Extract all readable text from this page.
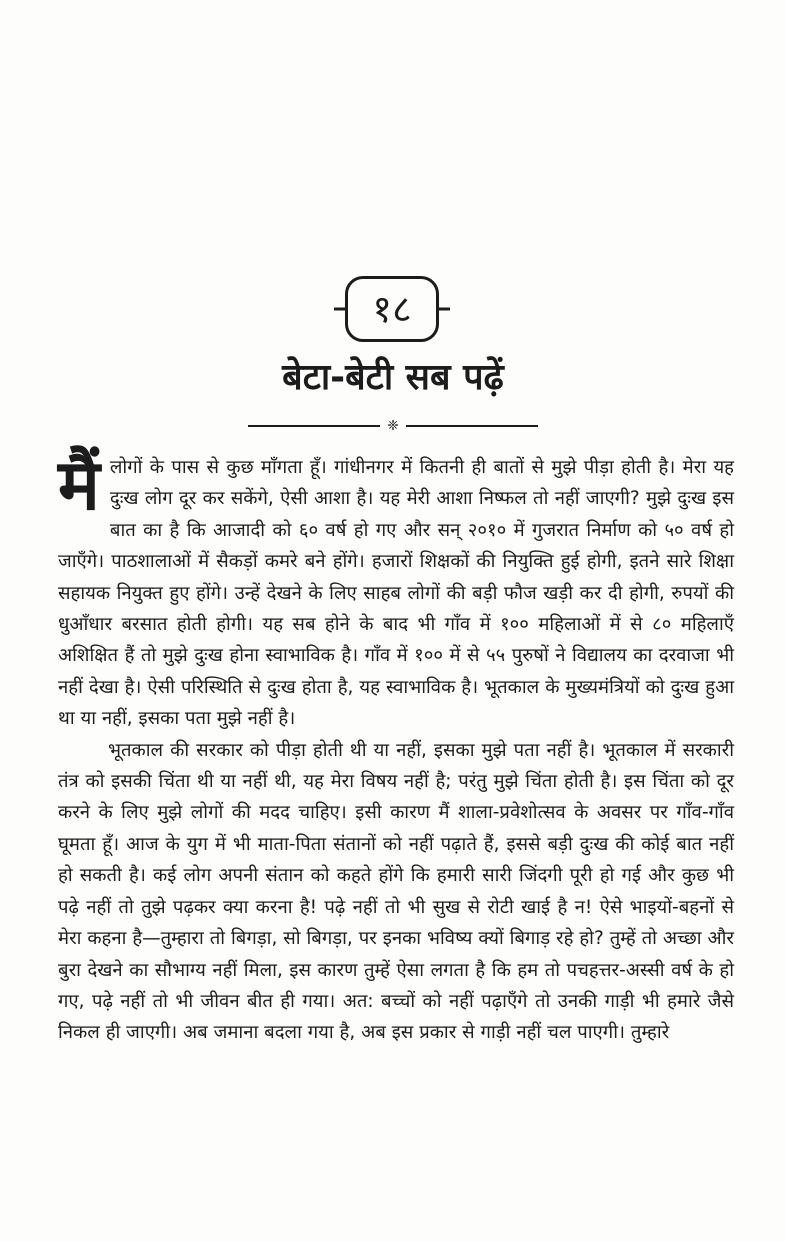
१८
बेटा-बेटी सब पढ़ें
❈

मैंलोगों के पास से कुछ माँगता हूँ। गांधीनगर में कितनी ही बातों से मुझे पीड़ा होती है। मेरा यह दुःख लोग दूर कर सकेंगे, ऐसी आशा है। यह मेरी आशा निष्फल तो नहीं जाएगी? मुझे दुःख इस बात का है कि आजादी को ६० वर्ष हो गए और सन् २०१० में गुजरात निर्माण को ५० वर्ष हो जाएँगे। पाठशालाओं में सैकड़ों कमरे बने होंगे। हजारों शिक्षकों की नियुक्ति हुई होगी, इतने सारे शिक्षा सहायक नियुक्त हुए होंगे। उन्हें देखने के लिए साहब लोगों की बड़ी फौज खड़ी कर दी होगी, रुपयों की धुआँधार बरसात होती होगी। यह सब होने के बाद भी गाँव में १०० महिलाओं में से ८० महिलाएँ अशिक्षित हैं तो मुझे दुःख होना स्वाभाविक है। गाँव में १०० में से ५५ पुरुषों ने विद्यालय का दरवाजा भी नहीं देखा है। ऐसी परिस्थिति से दुःख होता है, यह स्वाभाविक है। भूतकाल के मुख्यमंत्रियों को दुःख हुआ था या नहीं, इसका पता मुझे नहीं है।

भूतकाल की सरकार को पीड़ा होती थी या नहीं, इसका मुझे पता नहीं है। भूतकाल में सरकारी तंत्र को इसकी चिंता थी या नहीं थी, यह मेरा विषय नहीं है; परंतु मुझे चिंता होती है। इस चिंता को दूर करने के लिए मुझे लोगों की मदद चाहिए। इसी कारण मैं शाला-प्रवेशोत्सव के अवसर पर गाँव-गाँव घूमता हूँ। आज के युग में भी माता-पिता संतानों को नहीं पढ़ाते हैं, इससे बड़ी दुःख की कोई बात नहीं हो सकती है। कई लोग अपनी संतान को कहते होंगे कि हमारी सारी जिंदगी पूरी हो गई और कुछ भी पढ़े नहीं तो तुझे पढ़कर क्या करना है! पढ़े नहीं तो भी सुख से रोटी खाई है न! ऐसे भाइयों-बहनों से मेरा कहना है—तुम्हारा तो बिगड़ा, सो बिगड़ा, पर इनका भविष्य क्यों बिगाड़ रहे हो? तुम्हें तो अच्छा और बुरा देखने का सौभाग्य नहीं मिला, इस कारण तुम्हें ऐसा लगता है कि हम तो पचहत्तर-अस्सी वर्ष के हो गए, पढ़े नहीं तो भी जीवन बीत ही गया। अत: बच्चों को नहीं पढ़ाएँगे तो उनकी गाड़ी भी हमारे जैसे निकल ही जाएगी। अब जमाना बदला गया है, अब इस प्रकार से गाड़ी नहीं चल पाएगी। तुम्हारे
